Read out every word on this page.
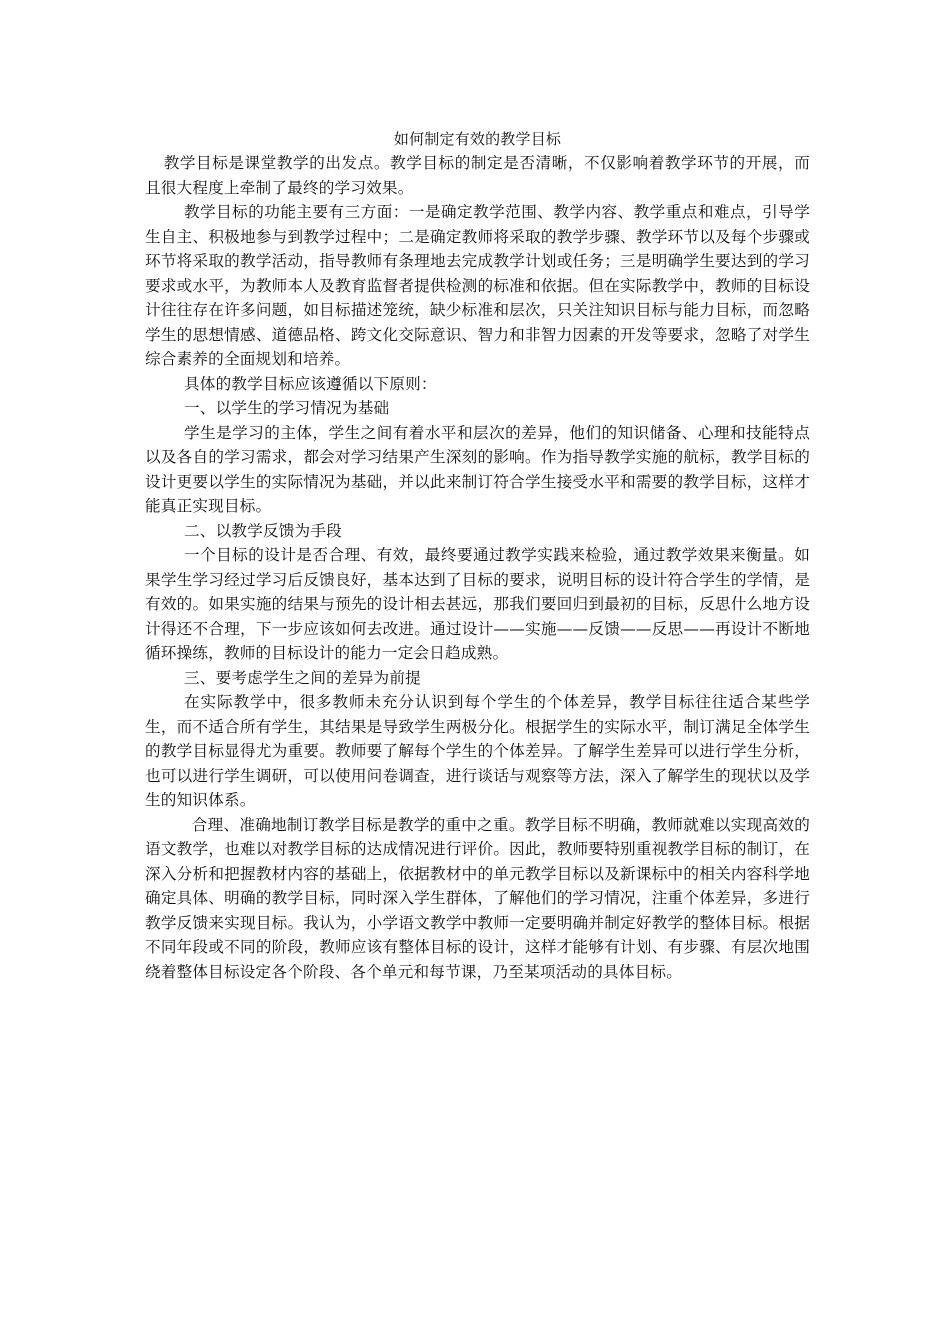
如何制定有效的教学目标

教学目标是课堂教学的出发点。教学目标的制定是否清晰，不仅影响着教学环节的开展，而且很大程度上牵制了最终的学习效果。

教学目标的功能主要有三方面：一是确定教学范围、教学内容、教学重点和难点，引导学生自主、积极地参与到教学过程中；二是确定教师将采取的教学步骤、教学环节以及每个步骤或环节将采取的教学活动，指导教师有条理地去完成教学计划或任务；三是明确学生要达到的学习要求或水平，为教师本人及教育监督者提供检测的标准和依据。但在实际教学中，教师的目标设计往往存在许多问题，如目标描述笼统，缺少标准和层次，只关注知识目标与能力目标，而忽略学生的思想情感、道德品格、跨文化交际意识、智力和非智力因素的开发等要求，忽略了对学生综合素养的全面规划和培养。

具体的教学目标应该遵循以下原则：

一、以学生的学习情况为基础

学生是学习的主体，学生之间有着水平和层次的差异，他们的知识储备、心理和技能特点以及各自的学习需求，都会对学习结果产生深刻的影响。作为指导教学实施的航标，教学目标的设计更要以学生的实际情况为基础，并以此来制订符合学生接受水平和需要的教学目标，这样才能真正实现目标。

二、以教学反馈为手段

一个目标的设计是否合理、有效，最终要通过教学实践来检验，通过教学效果来衡量。如果学生学习经过学习后反馈良好，基本达到了目标的要求，说明目标的设计符合学生的学情，是有效的。如果实施的结果与预先的设计相去甚远，那我们要回归到最初的目标，反思什么地方设计得还不合理，下一步应该如何去改进。通过设计——实施——反馈——反思——再设计不断地循环操练，教师的目标设计的能力一定会日趋成熟。

三、要考虑学生之间的差异为前提

在实际教学中，很多教师未充分认识到每个学生的个体差异，教学目标往往适合某些学生，而不适合所有学生，其结果是导致学生两极分化。根据学生的实际水平，制订满足全体学生的教学目标显得尤为重要。教师要了解每个学生的个体差异。了解学生差异可以进行学生分析，也可以进行学生调研，可以使用问卷调查，进行谈话与观察等方法，深入了解学生的现状以及学生的知识体系。

合理、准确地制订教学目标是教学的重中之重。教学目标不明确，教师就难以实现高效的语文教学，也难以对教学目标的达成情况进行评价。因此，教师要特别重视教学目标的制订，在深入分析和把握教材内容的基础上，依据教材中的单元教学目标以及新课标中的相关内容科学地确定具体、明确的教学目标，同时深入学生群体，了解他们的学习情况，注重个体差异，多进行教学反馈来实现目标。我认为，小学语文教学中教师一定要明确并制定好教学的整体目标。根据不同年段或不同的阶段，教师应该有整体目标的设计，这样才能够有计划、有步骤、有层次地围绕着整体目标设定各个阶段、各个单元和每节课，乃至某项活动的具体目标。
